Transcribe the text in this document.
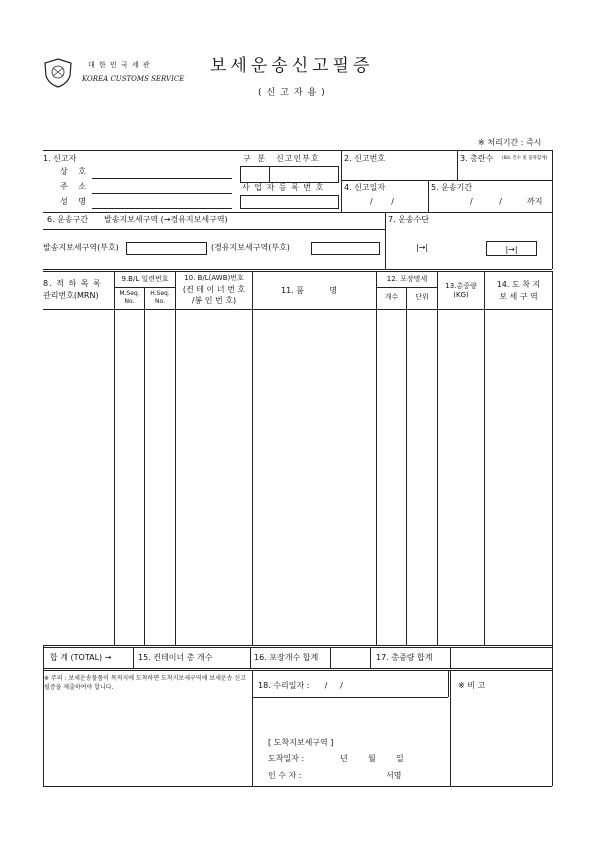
대 한 민 국 세 관
KOREA CUSTOMS SERVICE
보세운송신고필증
(신고자용)
※ 처리기간 : 즉시
1. 신고자
상 호
주 소
성 명
구 분 신고인부호
사 업 자 등 록 번 호
2. 신고번호	3. 총란수 (B/L 건수 및 품목합계)
4. 신고일자
/ /
5. 운송기간
/ /	까지
6. 운송구간 발송지보세구역 (→경유지보세구역)
발송지보세구역(부호)	(경유지보세구역(부호)
7. 운송수단
|→|	|→|
8. 적 하 목 록
관리번호(MRN)
9.B/L 일련번호
M.Seq. No.
H.Seq. No.
10. B/L(AWB)번호
(컨 테 이 너 번 호
/봉 인 번 호)
11. 품          명
12. 포장명세
개수	단위
13.총중량 (KG)
14. 도 착 지
보 세 구 역
합 계 (TOTAL) →	15. 컨테이너 총 개수	16. 포장개수 합계	17. 총중량 합계
※ 주의 : 보세운송물품이 목적지에 도착하면 도착지보세구역에 보세운송 신고필증을 제출하여야 합니다.	18. 수리일자 :      /     /	※ 비 고
[ 도착지보세구역 ]
도착일자 :	년	월	일
인 수 자 :	서명
